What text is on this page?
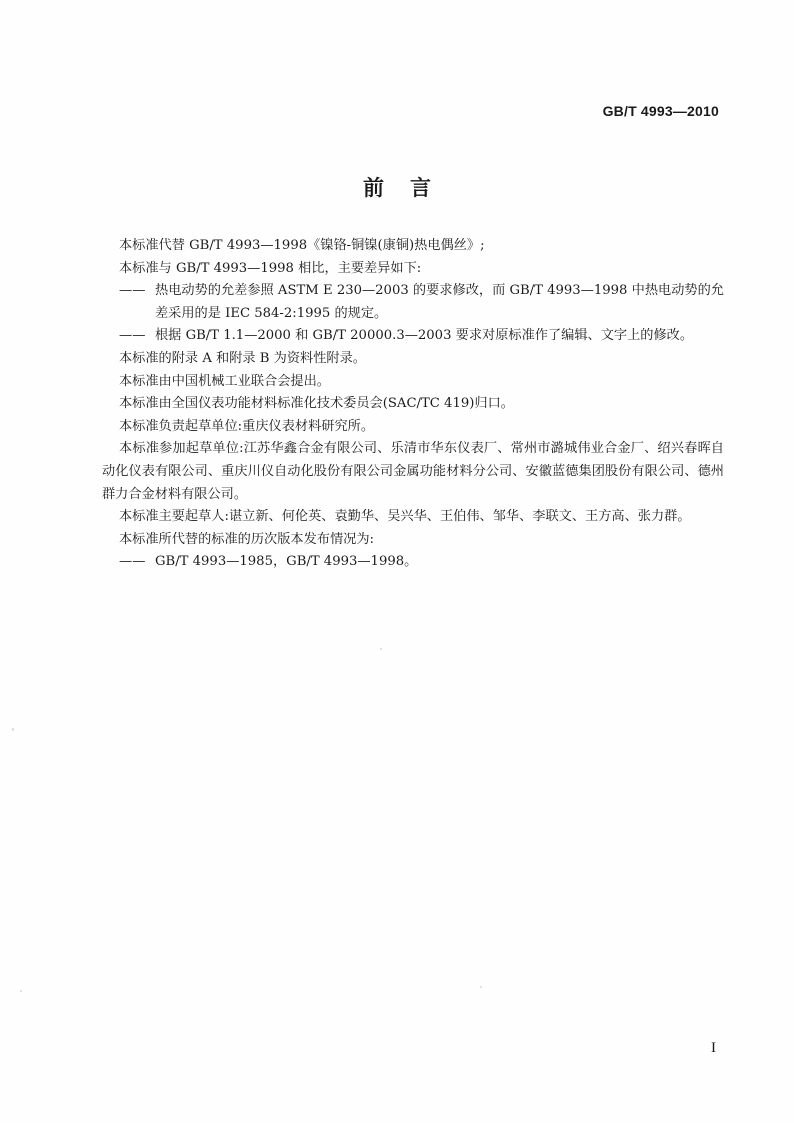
GB/T 4993—2010
前言

本标准代替 GB/T 4993—1998《镍铬-铜镍(康铜)热电偶丝》;

本标准与 GB/T 4993—1998 相比，主要差异如下:

—— 热电动势的允差参照 ASTM E 230—2003 的要求修改，而 GB/T 4993—1998 中热电动势的允差采用的是 IEC 584-2:1995 的规定。

—— 根据 GB/T 1.1—2000 和 GB/T 20000.3—2003 要求对原标准作了编辑、文字上的修改。

本标准的附录 A 和附录 B 为资料性附录。

本标准由中国机械工业联合会提出。

本标准由全国仪表功能材料标准化技术委员会(SAC/TC 419)归口。

本标准负责起草单位:重庆仪表材料研究所。

本标准参加起草单位:江苏华鑫合金有限公司、乐清市华东仪表厂、常州市潞城伟业合金厂、绍兴春晖自动化仪表有限公司、重庆川仪自动化股份有限公司金属功能材料分公司、安徽蓝德集团股份有限公司、德州群力合金材料有限公司。

本标准主要起草人:谌立新、何伦英、袁勤华、吴兴华、王伯伟、邹华、李联文、王方高、张力群。

本标准所代替的标准的历次版本发布情况为:

—— GB/T 4993—1985，GB/T 4993—1998。

I
